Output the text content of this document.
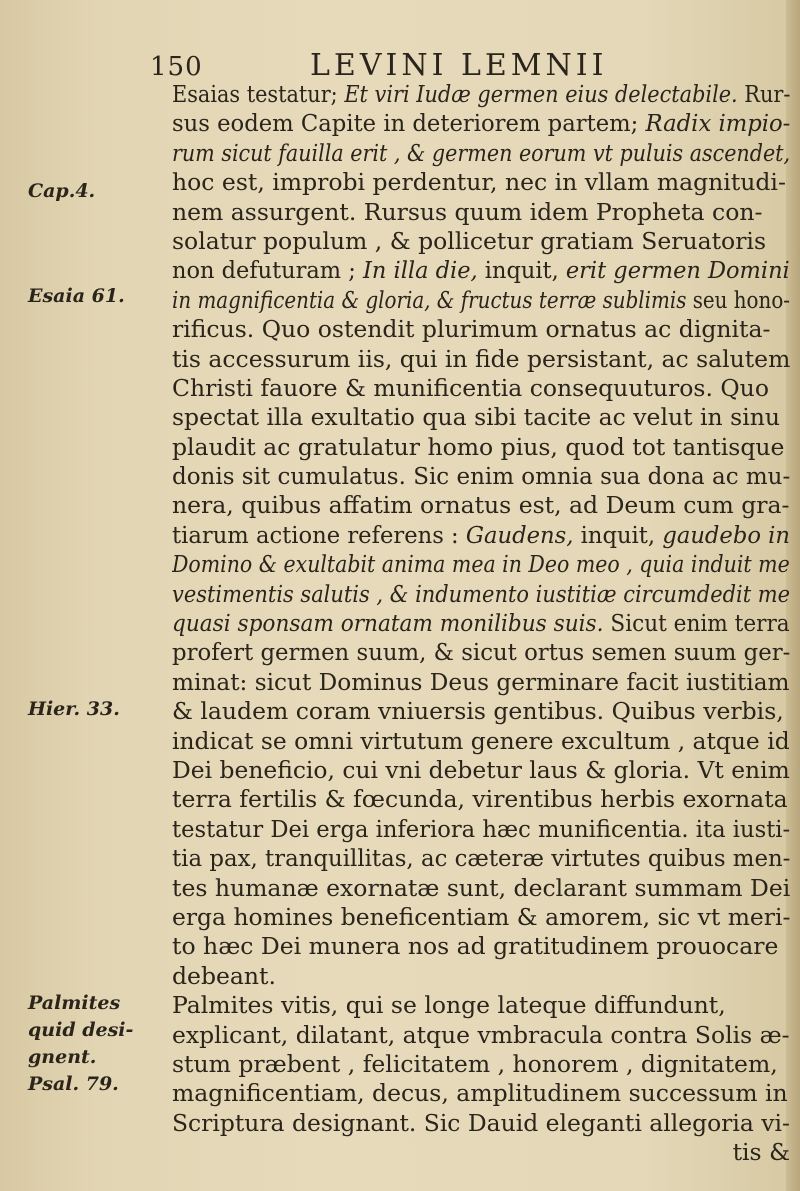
150	LEVINI LEMNII
Cap.4.
Esaia 61.
Hier. 33.
Palmites
quid desi-
gnent.
Psal. 79.
Esaias testatur; Et viri Iudæ germen eius delectabile. Rur-
sus eodem Capite in deteriorem partem; Radix impio-
rum sicut fauilla erit , & germen eorum vt puluis ascendet,
hoc est, improbi perdentur, nec in vllam magnitudi-
nem assurgent. Rursus quum idem Propheta con-
solatur populum , & pollicetur gratiam Seruatoris
non defuturam ; In illa die, inquit, erit germen Domini
in magnificentia & gloria, & fructus terræ sublimis seu hono-
rificus. Quo ostendit plurimum ornatus ac dignita-
tis accessurum iis, qui in fide persistant, ac salutem
Christi fauore & munificentia consequuturos. Quo
spectat illa exultatio qua sibi tacite ac velut in sinu
plaudit ac gratulatur homo pius, quod tot tantisque
donis sit cumulatus. Sic enim omnia sua dona ac mu-
nera, quibus affatim ornatus est, ad Deum cum gra-
tiarum actione referens : Gaudens, inquit, gaudebo in
Domino & exultabit anima mea in Deo meo , quia induit me
vestimentis salutis , & indumento iustitiæ circumdedit me
quasi sponsam ornatam monilibus suis. Sicut enim terra
profert germen suum, & sicut ortus semen suum ger-
minat: sicut Dominus Deus germinare facit iustitiam
& laudem coram vniuersis gentibus. Quibus verbis,
indicat se omni virtutum genere excultum , atque id
Dei beneficio, cui vni debetur laus & gloria. Vt enim
terra fertilis & fœcunda, virentibus herbis exornata
testatur Dei erga inferiora hæc munificentia. ita iusti-
tia pax, tranquillitas, ac cæteræ virtutes quibus men-
tes humanæ exornatæ sunt, declarant summam Dei
erga homines beneficentiam & amorem, sic vt meri-
to hæc Dei munera nos ad gratitudinem prouocare
debeant.
Palmites vitis, qui se longe lateque diffundunt,
explicant, dilatant, atque vmbracula contra Solis æ-
stum præbent , felicitatem , honorem , dignitatem,
magnificentiam, decus, amplitudinem successum in
Scriptura designant. Sic Dauid eleganti allegoria vi-
tis &
